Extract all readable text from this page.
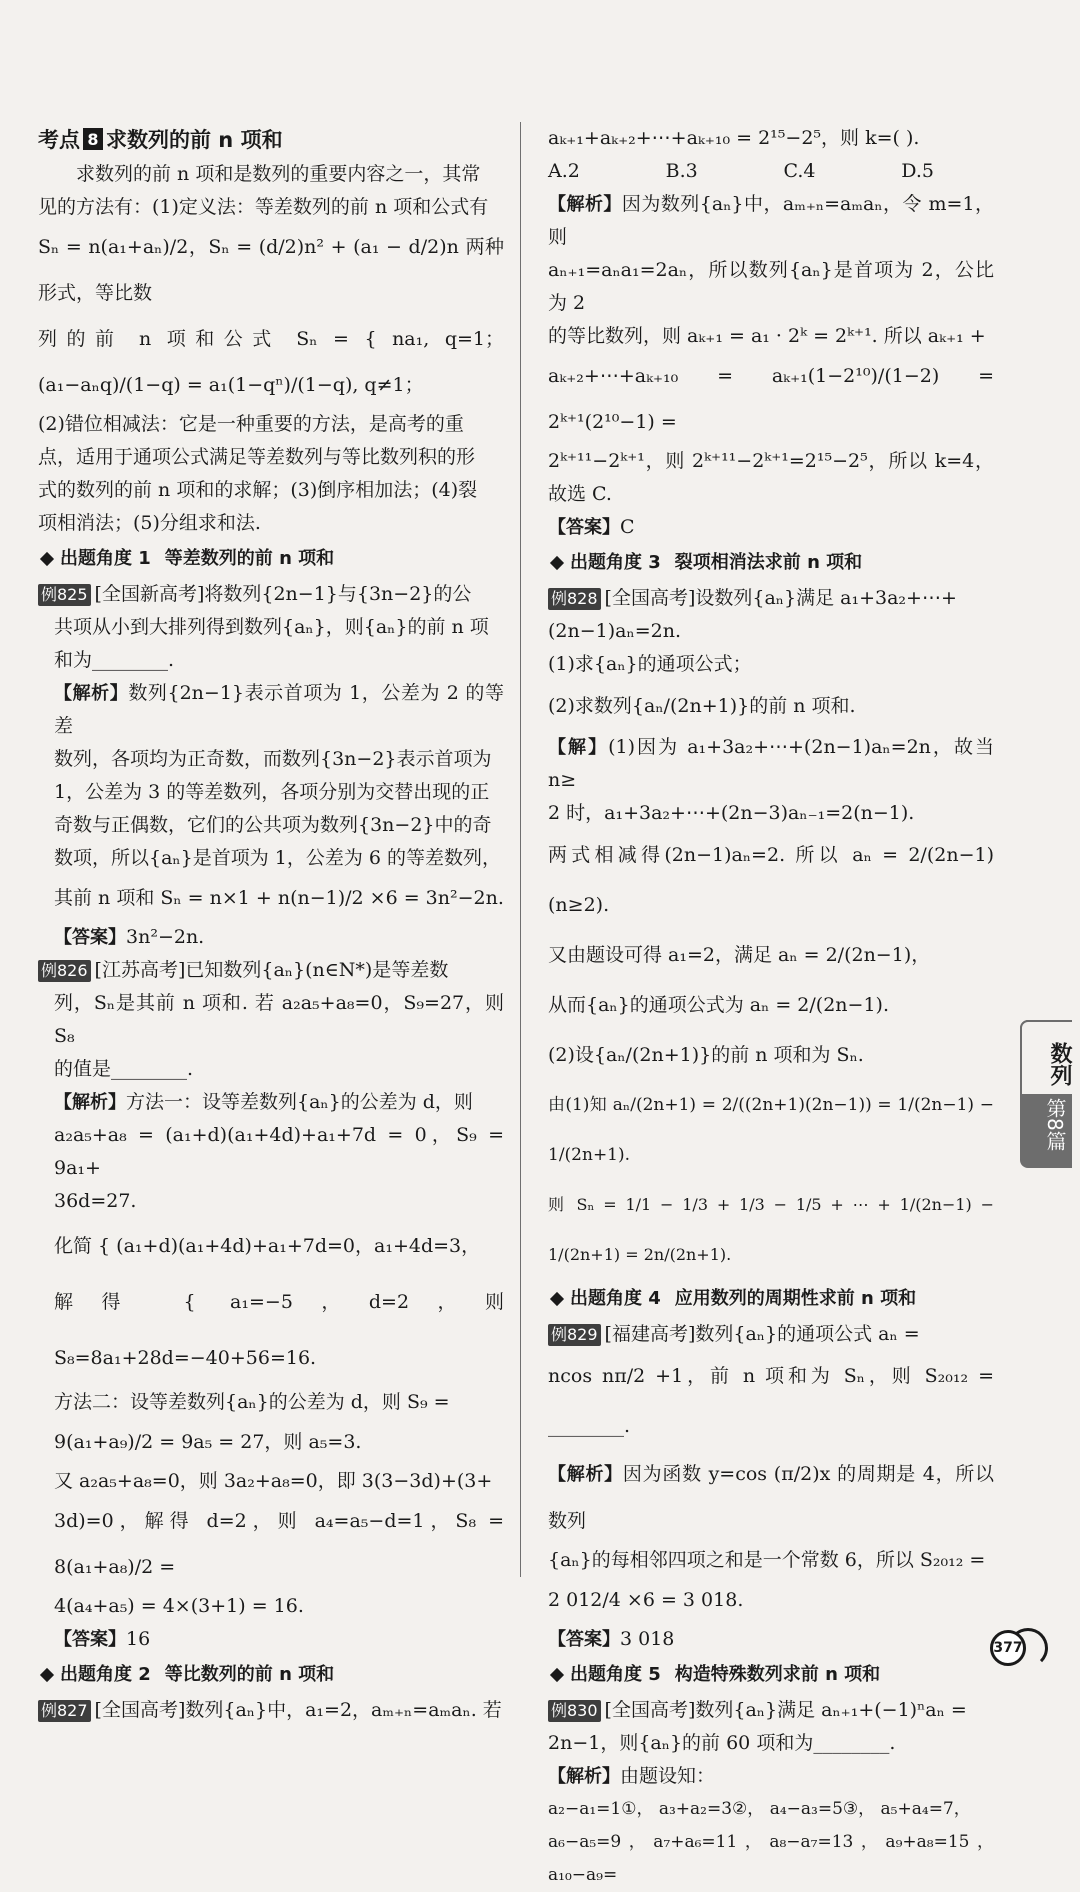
考点 8 求数列的前 n 项和

求数列的前 n 项和是数列的重要内容之一，其常

见的方法有：(1)定义法：等差数列的前 n 项和公式有

Sₙ = n(a₁+aₙ)/2，Sₙ = (d/2)n² + (a₁ − d/2)n 两种形式，等比数

列的前 n 项和公式 Sₙ = { na₁, q=1；(a₁−aₙq)/(1−q) = a₁(1−qⁿ)/(1−q), q≠1；

(2)错位相减法：它是一种重要的方法，是高考的重

点，适用于通项公式满足等差数列与等比数列积的形

式的数列的前 n 项和的求解；(3)倒序相加法；(4)裂

项相消法；(5)分组求和法.

出题角度 1 等差数列的前 n 项和

例825 [全国新高考]将数列{2n−1}与{3n−2}的公

共项从小到大排列得到数列{aₙ}，则{aₙ}的前 n 项

和为________.

【解析】数列{2n−1}表示首项为 1，公差为 2 的等差

数列，各项均为正奇数，而数列{3n−2}表示首项为

1，公差为 3 的等差数列，各项分别为交替出现的正

奇数与正偶数，它们的公共项为数列{3n−2}中的奇

数项，所以{aₙ}是首项为 1，公差为 6 的等差数列，

其前 n 项和 Sₙ = n×1 + n(n−1)/2 ×6 = 3n²−2n.

【答案】3n²−2n.

例826 [江苏高考]已知数列{aₙ}(n∈N*)是等差数

列，Sₙ是其前 n 项和. 若 a₂a₅+a₈=0，S₉=27，则 S₈

的值是________.

【解析】方法一：设等差数列{aₙ}的公差为 d，则

a₂a₅+a₈ = (a₁+d)(a₁+4d)+a₁+7d = 0，S₉ = 9a₁+

36d=27.

化简 { (a₁+d)(a₁+4d)+a₁+7d=0，a₁+4d=3，

解得 { a₁=−5，d=2，则 S₈=8a₁+28d=−40+56=16.

方法二：设等差数列{aₙ}的公差为 d，则 S₉ =

9(a₁+a₉)/2 = 9a₅ = 27，则 a₅=3.

又 a₂a₅+a₈=0，则 3a₂+a₈=0，即 3(3−3d)+(3+

3d)=0，解得 d=2，则 a₄=a₅−d=1，S₈ = 8(a₁+a₈)/2 =

4(a₄+a₅) = 4×(3+1) = 16.

【答案】16

出题角度 2 等比数列的前 n 项和

例827 [全国高考]数列{aₙ}中，a₁=2，aₘ₊ₙ=aₘaₙ. 若

aₖ₊₁+aₖ₊₂+⋯+aₖ₊₁₀ = 2¹⁵−2⁵，则 k=( ).

A.2	B.3	C.4	D.5

【解析】因为数列{aₙ}中，aₘ₊ₙ=aₘaₙ，令 m=1，则

aₙ₊₁=aₙa₁=2aₙ，所以数列{aₙ}是首项为 2，公比为 2

的等比数列，则 aₖ₊₁ = a₁ · 2ᵏ = 2ᵏ⁺¹. 所以 aₖ₊₁ +

aₖ₊₂+⋯+aₖ₊₁₀ = aₖ₊₁(1−2¹⁰)/(1−2) = 2ᵏ⁺¹(2¹⁰−1) =

2ᵏ⁺¹¹−2ᵏ⁺¹，则 2ᵏ⁺¹¹−2ᵏ⁺¹=2¹⁵−2⁵，所以 k=4，故选 C.

【答案】C

出题角度 3 裂项相消法求前 n 项和

例828 [全国高考]设数列{aₙ}满足 a₁+3a₂+⋯+

(2n−1)aₙ=2n.

(1)求{aₙ}的通项公式；

(2)求数列{aₙ/(2n+1)}的前 n 项和.

【解】(1)因为 a₁+3a₂+⋯+(2n−1)aₙ=2n，故当 n≥

2 时，a₁+3a₂+⋯+(2n−3)aₙ₋₁=2(n−1).

两式相减得(2n−1)aₙ=2. 所以 aₙ = 2/(2n−1) (n≥2).

又由题设可得 a₁=2，满足 aₙ = 2/(2n−1)，

从而{aₙ}的通项公式为 aₙ = 2/(2n−1).

(2)设{aₙ/(2n+1)}的前 n 项和为 Sₙ.

由(1)知 aₙ/(2n+1) = 2/((2n+1)(2n−1)) = 1/(2n−1) − 1/(2n+1).

则 Sₙ = 1/1 − 1/3 + 1/3 − 1/5 + ⋯ + 1/(2n−1) − 1/(2n+1) = 2n/(2n+1).

出题角度 4 应用数列的周期性求前 n 项和

例829 [福建高考]数列{aₙ}的通项公式 aₙ =

ncos nπ/2 +1，前 n 项和为 Sₙ，则 S₂₀₁₂ = ________.

【解析】因为函数 y=cos (π/2)x 的周期是 4，所以数列

{aₙ}的每相邻四项之和是一个常数 6，所以 S₂₀₁₂ =

2 012/4 ×6 = 3 018.

【答案】3 018

出题角度 5 构造特殊数列求前 n 项和

例830 [全国高考]数列{aₙ}满足 aₙ₊₁+(−1)ⁿaₙ =

2n−1，则{aₙ}的前 60 项和为________.

【解析】由题设知：

a₂−a₁=1①， a₃+a₂=3②， a₄−a₃=5③， a₅+a₄=7，

a₆−a₅=9，a₇+a₆=11，a₈−a₇=13，a₉+a₈=15，a₁₀−a₉=

数列
第8篇
377
